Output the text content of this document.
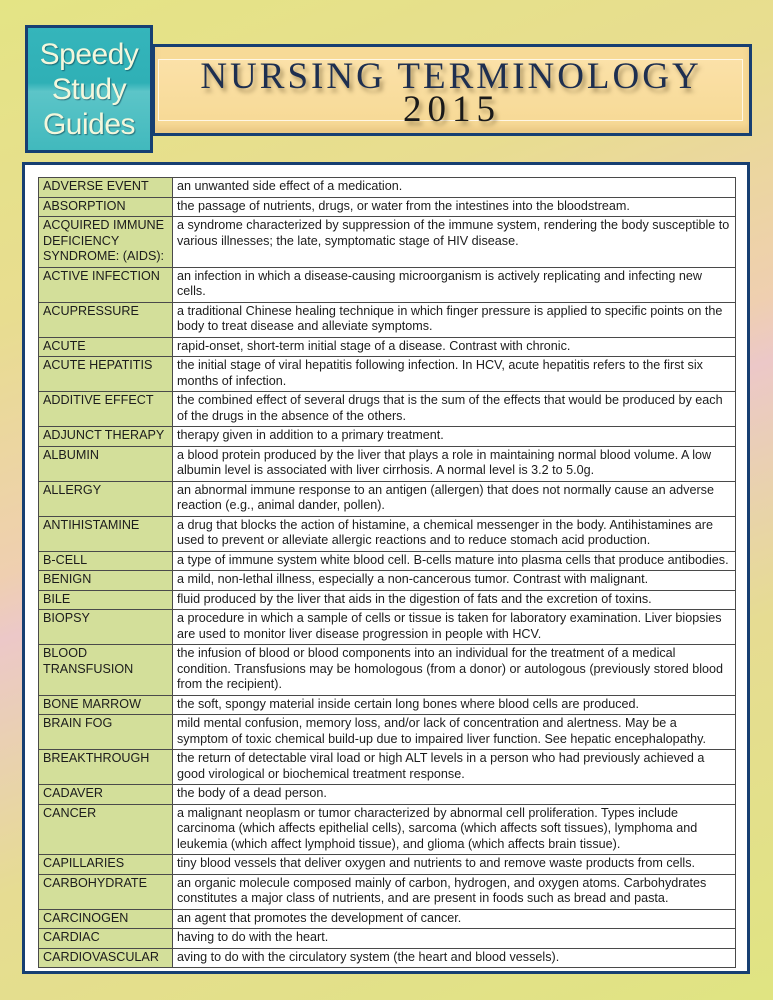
Speedy
Study
Guides
NURSING TERMINOLOGY
2015
ADVERSE EVENT	an unwanted side effect of a medication.
ABSORPTION	the passage of nutrients, drugs, or water from the intestines into the bloodstream.
ACQUIRED IMMUNE DEFICIENCY SYNDROME: (AIDS):	a syndrome characterized by suppression of the immune system, rendering the body susceptible to various illnesses; the late, symptomatic stage of HIV disease.
ACTIVE INFECTION	an infection in which a disease-causing microorganism is actively replicating and infecting new cells.
ACUPRESSURE	a traditional Chinese healing technique in which finger pressure is applied to specific points on the body to treat disease and alleviate symptoms.
ACUTE	rapid-onset, short-term initial stage of a disease. Contrast with chronic.
ACUTE HEPATITIS	the initial stage of viral hepatitis following infection. In HCV, acute hepatitis refers to the first six months of infection.
ADDITIVE EFFECT	the combined effect of several drugs that is the sum of the effects that would be produced by each of the drugs in the absence of the others.
ADJUNCT THERAPY	therapy given in addition to a primary treatment.
ALBUMIN	a blood protein produced by the liver that plays a role in maintaining normal blood volume. A low albumin level is associated with liver cirrhosis. A normal level is 3.2 to 5.0g.
ALLERGY	an abnormal immune response to an antigen (allergen) that does not normally cause an adverse reaction (e.g., animal dander, pollen).
ANTIHISTAMINE	a drug that blocks the action of histamine, a chemical messenger in the body. Antihistamines are used to prevent or alleviate allergic reactions and to reduce stomach acid production.
B-CELL	a type of immune system white blood cell. B-cells mature into plasma cells that produce antibodies.
BENIGN	a mild, non-lethal illness, especially a non-cancerous tumor. Contrast with malignant.
BILE	fluid produced by the liver that aids in the digestion of fats and the excretion of toxins.
BIOPSY	a procedure in which a sample of cells or tissue is taken for laboratory examination. Liver biopsies are used to monitor liver disease progression in people with HCV.
BLOOD TRANSFUSION	the infusion of blood or blood components into an individual for the treatment of a medical condition. Transfusions may be homologous (from a donor) or autologous (previously stored blood from the recipient).
BONE MARROW	the soft, spongy material inside certain long bones where blood cells are produced.
BRAIN FOG	mild mental confusion, memory loss, and/or lack of concentration and alertness. May be a symptom of toxic chemical build-up due to impaired liver function. See hepatic encephalopathy.
BREAKTHROUGH	the return of detectable viral load or high ALT levels in a person who had previously achieved a good virological or biochemical treatment response.
CADAVER	the body of a dead person.
CANCER	a malignant neoplasm or tumor characterized by abnormal cell proliferation. Types include carcinoma (which affects epithelial cells), sarcoma (which affects soft tissues), lymphoma and leukemia (which affect lymphoid tissue), and glioma (which affects brain tissue).
CAPILLARIES	tiny blood vessels that deliver oxygen and nutrients to and remove waste products from cells.
CARBOHYDRATE	an organic molecule composed mainly of carbon, hydrogen, and oxygen atoms. Carbohydrates constitutes a major class of nutrients, and are present in foods such as bread and pasta.
CARCINOGEN	an agent that promotes the development of cancer.
CARDIAC	having to do with the heart.
CARDIOVASCULAR	aving to do with the circulatory system (the heart and blood vessels).
